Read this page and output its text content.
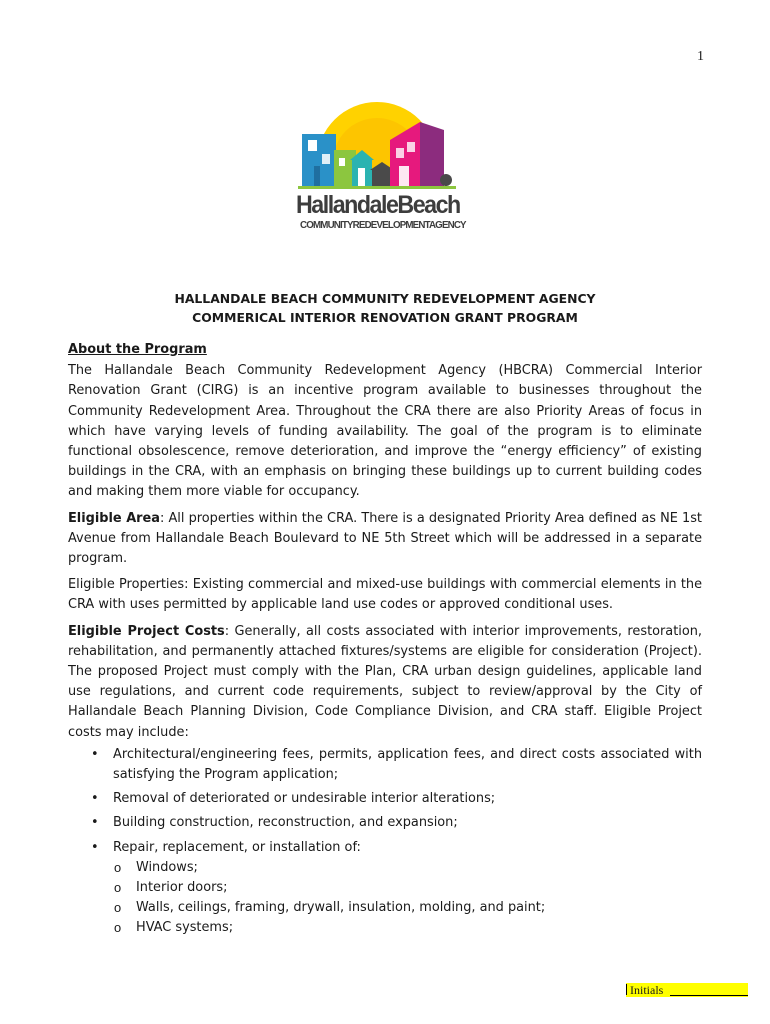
1
HallandaleBeach
COMMUNITYREDEVELOPMENTAGENCY
HALLANDALE BEACH COMMUNITY REDEVELOPMENT AGENCY
COMMERICAL INTERIOR RENOVATION GRANT PROGRAM
About the Program

The Hallandale Beach Community Redevelopment Agency (HBCRA) Commercial Interior Renovation Grant (CIRG) is an incentive program available to businesses throughout the Community Redevelopment Area. Throughout the CRA there are also Priority Areas of focus in which have varying levels of funding availability. The goal of the program is to eliminate functional obsolescence, remove deterioration, and improve the “energy efficiency” of existing buildings in the CRA, with an emphasis on bringing these buildings up to current building codes and making them more viable for occupancy.

Eligible Area: All properties within the CRA. There is a designated Priority Area defined as NE 1st Avenue from Hallandale Beach Boulevard to NE 5th Street which will be addressed in a separate program.

Eligible Properties: Existing commercial and mixed-use buildings with commercial elements in the CRA with uses permitted by applicable land use codes or approved conditional uses.

Eligible Project Costs: Generally, all costs associated with interior improvements, restoration, rehabilitation, and permanently attached fixtures/systems are eligible for consideration (Project). The proposed Project must comply with the Plan, CRA urban design guidelines, applicable land use regulations, and current code requirements, subject to review/approval by the City of Hallandale Beach Planning Division, Code Compliance Division, and CRA staff. Eligible Project costs may include:

• Architectural/engineering fees, permits, application fees, and direct costs associated with satisfying the Program application;
• Removal of deteriorated or undesirable interior alterations;
• Building construction, reconstruction, and expansion;
• Repair, replacement, or installation of:
o Windows;
o Interior doors;
o Walls, ceilings, framing, drywall, insulation, molding, and paint;
o HVAC systems;
Initials
